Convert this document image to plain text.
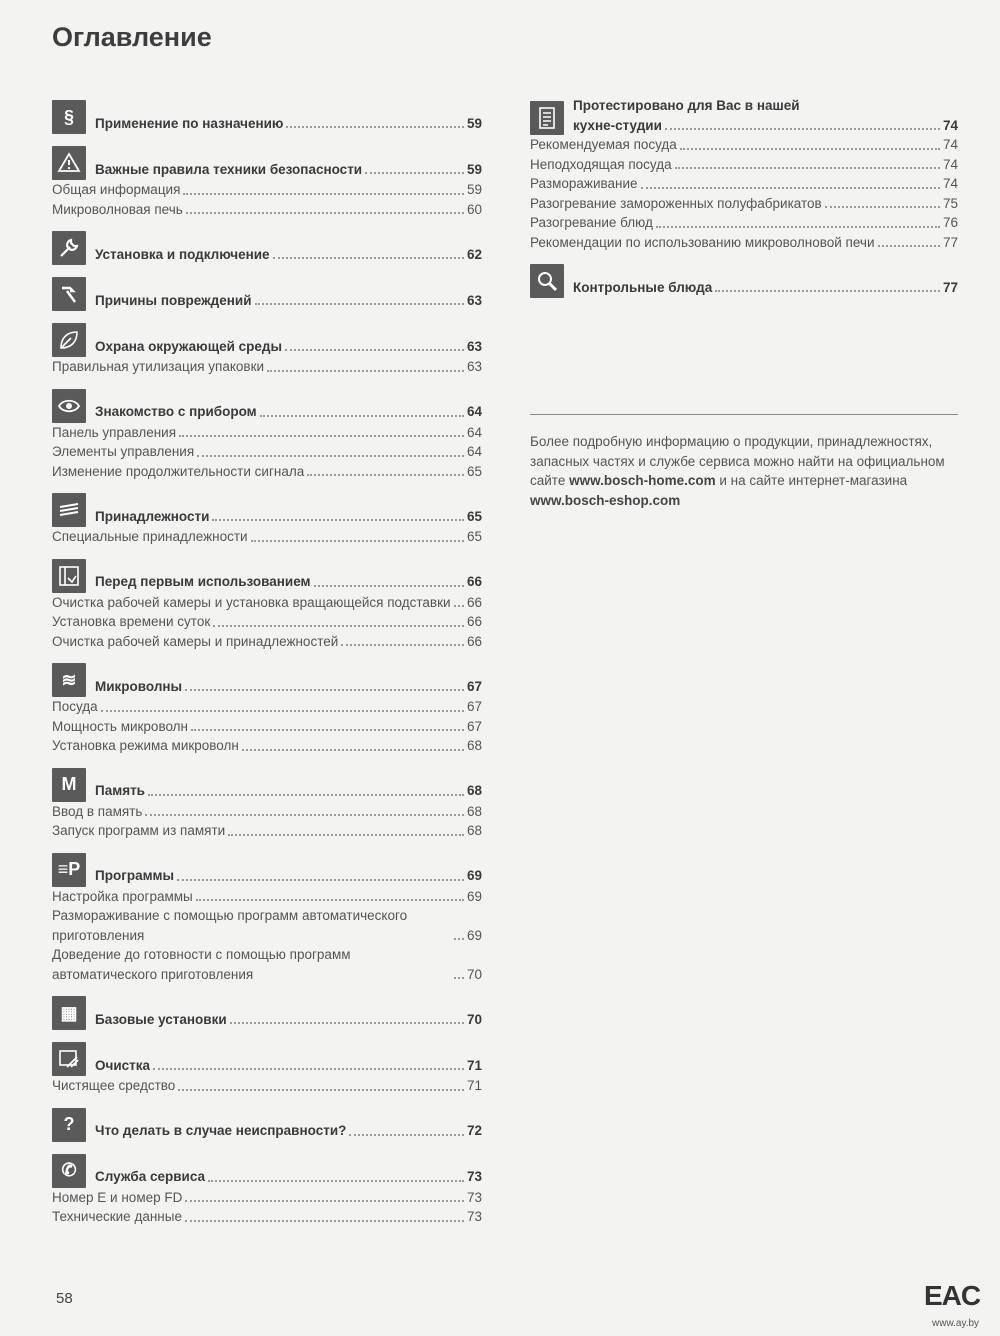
Оглавление
§	Применение по назначению	59
Важные правила техники безопасности	59
Общая информация	59
Микроволновая печь	60
Установка и подключение	62
Причины повреждений	63
Охрана окружающей среды	63
Правильная утилизация упаковки	63
Знакомство с прибором	64
Панель управления	64
Элементы управления	64
Изменение продолжительности сигнала	65
Принадлежности	65
Специальные принадлежности	65
Перед первым использованием	66
Очистка рабочей камеры и установка вращающейся подставки 66
Установка времени суток	66
Очистка рабочей камеры и принадлежностей	66
≋	Микроволны	67
Посуда	67
Мощность микроволн	67
Установка режима микроволн	68
M	Память	68
Ввод в память	68
Запуск программ из памяти	68
≡P	Программы	69
Настройка программы	69
Размораживание с помощью программ автоматического приготовления	69
Доведение до готовности с помощью программ автоматического приготовления	70
▦	Базовые установки	70
Очистка	71
Чистящее средство	71
?	Что делать в случае неисправности?	72
✆	Служба сервиса	73
Номер Е и номер FD	73
Технические данные	73
Протестировано для Вас в нашей
кухне-студии	74
Рекомендуемая посуда	74
Неподходящая посуда	74
Размораживание	74
Разогревание замороженных полуфабрикатов	75
Разогревание блюд	76
Рекомендации по использованию микроволновой печи	77
Контрольные блюда	77
Более подробную информацию о продукции, принадлежностях, запасных частях и службе сервиса можно найти на официальном сайте www.bosch-home.com и на сайте интернет-магазина www.bosch-eshop.com
58	EAC
www.ay.by
